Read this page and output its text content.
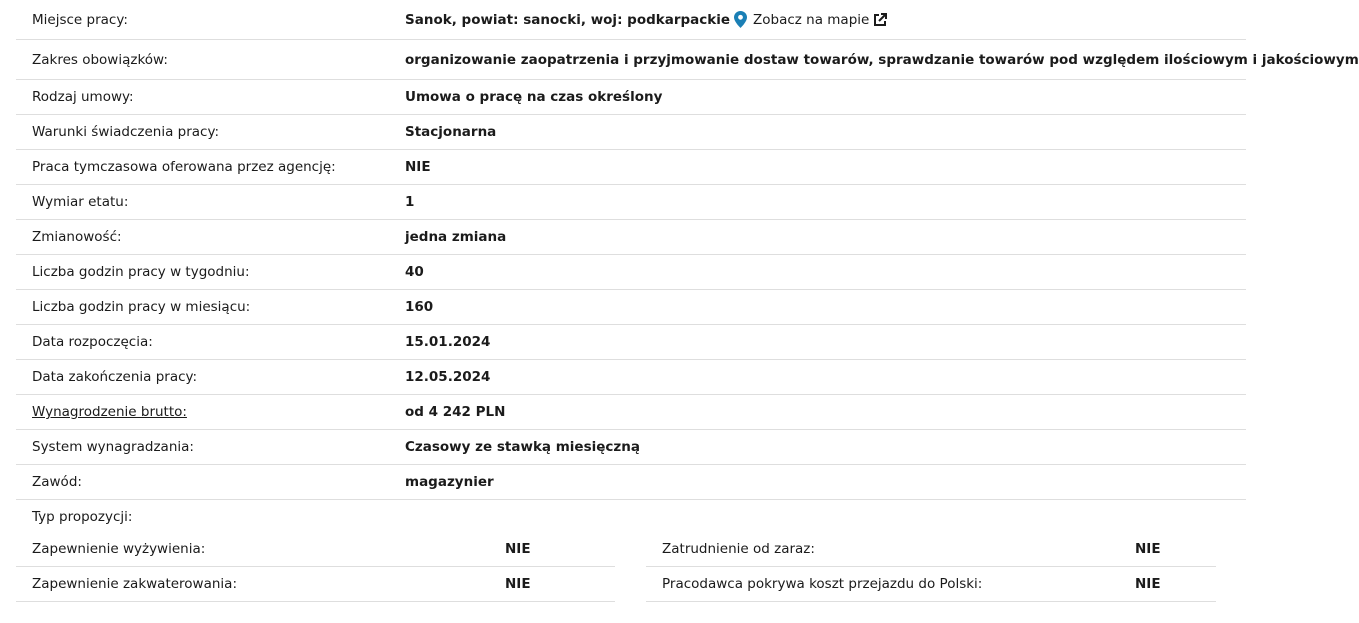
Miejsce pracy:	Sanok, powiat: sanocki, woj: podkarpackie Zobacz na mapie
Zakres obowiązków:	organizowanie zaopatrzenia i przyjmowanie dostaw towarów, sprawdzanie towarów pod względem ilościowym i jakościowym
Rodzaj umowy:	Umowa o pracę na czas określony
Warunki świadczenia pracy:	Stacjonarna
Praca tymczasowa oferowana przez agencję:	NIE
Wymiar etatu:	1
Zmianowość:	jedna zmiana
Liczba godzin pracy w tygodniu:	40
Liczba godzin pracy w miesiącu:	160
Data rozpoczęcia:	15.01.2024
Data zakończenia pracy:	12.05.2024
Wynagrodzenie brutto:	od 4 242 PLN
System wynagradzania:	Czasowy ze stawką miesięczną
Zawód:	magazynier
Typ propozycji:
Zapewnienie wyżywienia:	NIE
Zapewnienie zakwaterowania:	NIE
Zatrudnienie od zaraz:	NIE
Pracodawca pokrywa koszt przejazdu do Polski:	NIE
